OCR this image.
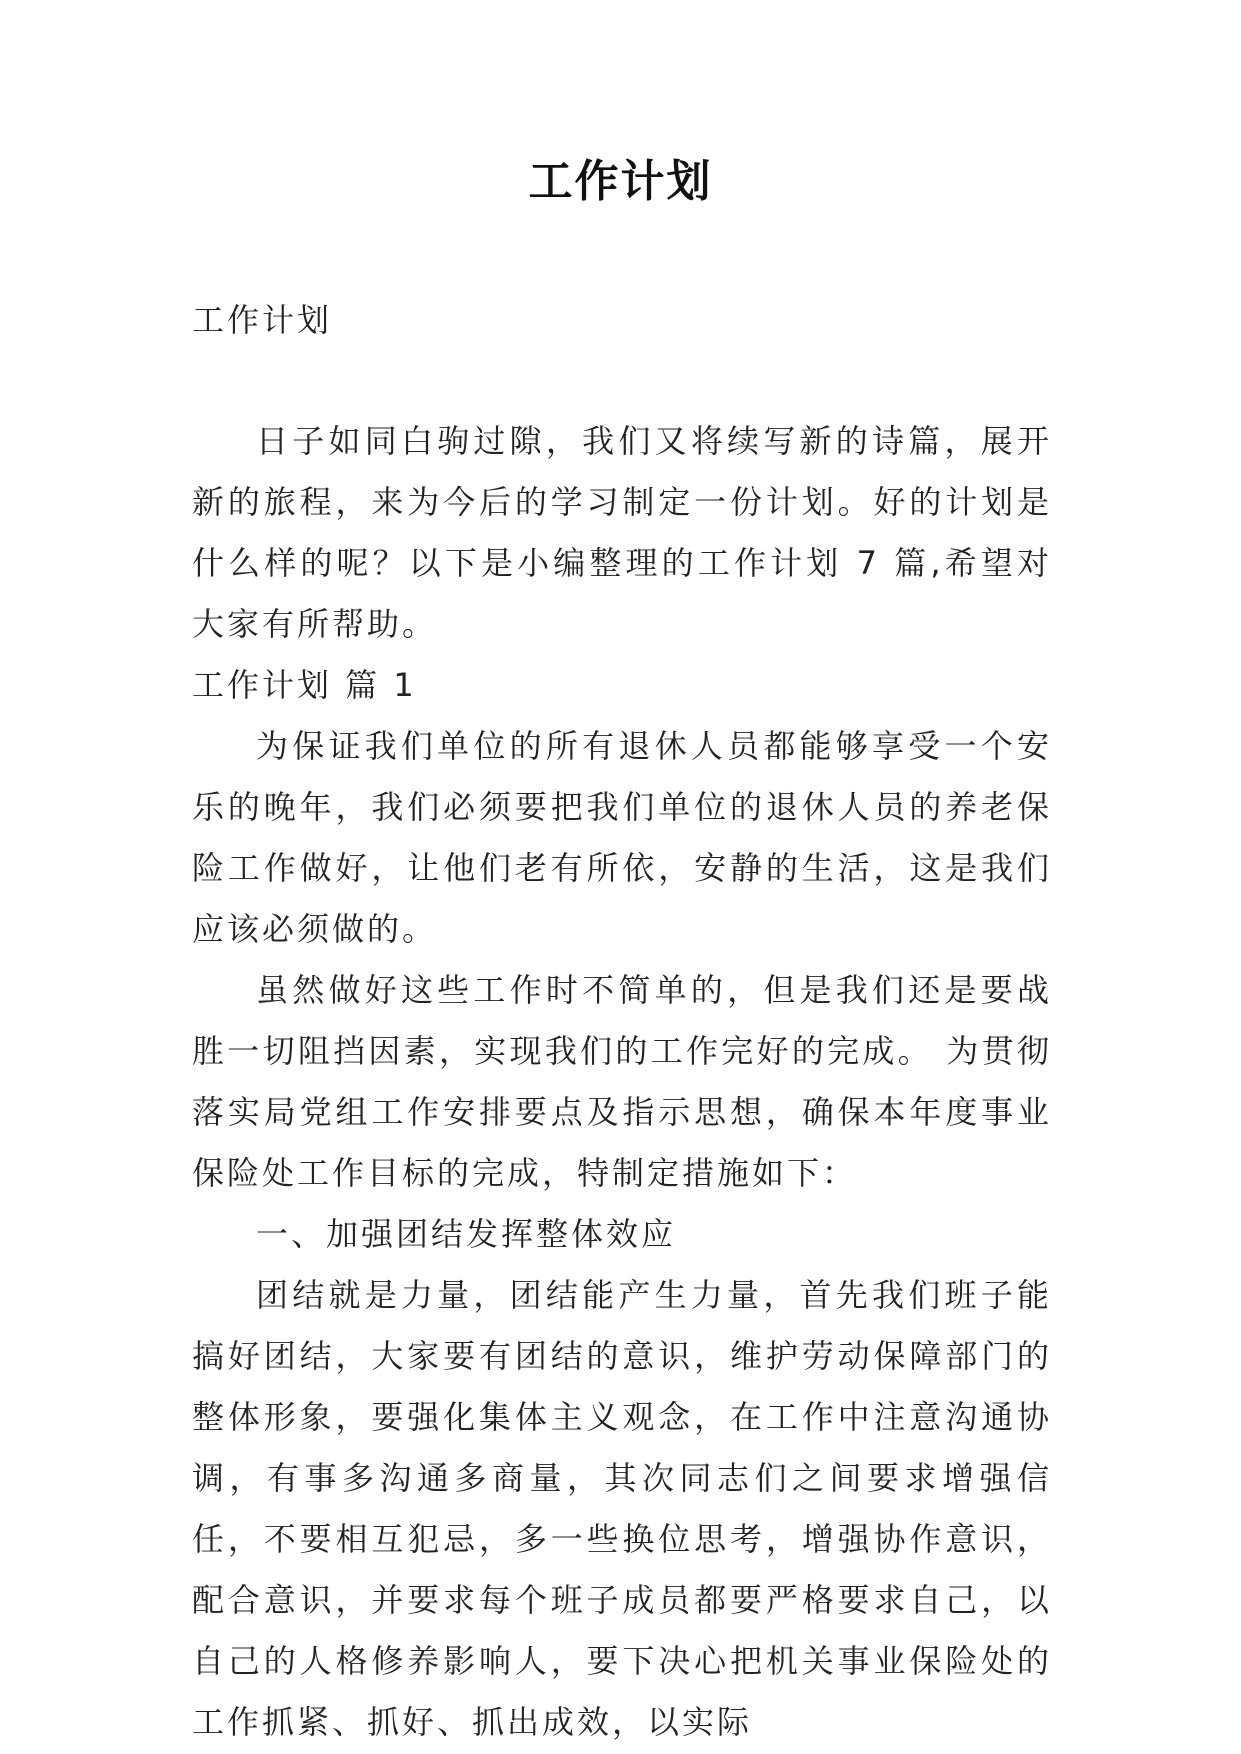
工作计划

工作计划

日子如同白驹过隙，我们又将续写新的诗篇，展开新的旅程，来为今后的学习制定一份计划。好的计划是什么样的呢？以下是小编整理的工作计划 7 篇,希望对大家有所帮助。

工作计划 篇 1

为保证我们单位的所有退休人员都能够享受一个安乐的晚年，我们必须要把我们单位的退休人员的养老保险工作做好，让他们老有所依，安静的生活，这是我们应该必须做的。

虽然做好这些工作时不简单的，但是我们还是要战胜一切阻挡因素，实现我们的工作完好的完成。 为贯彻落实局党组工作安排要点及指示思想，确保本年度事业保险处工作目标的完成，特制定措施如下：

一、加强团结发挥整体效应

团结就是力量，团结能产生力量，首先我们班子能搞好团结，大家要有团结的意识，维护劳动保障部门的整体形象，要强化集体主义观念，在工作中注意沟通协调，有事多沟通多商量，其次同志们之间要求增强信任，不要相互犯忌，多一些换位思考，增强协作意识，配合意识，并要求每个班子成员都要严格要求自己，以自己的人格修养影响人，要下决心把机关事业保险处的工作抓紧、抓好、抓出成效，以实际
